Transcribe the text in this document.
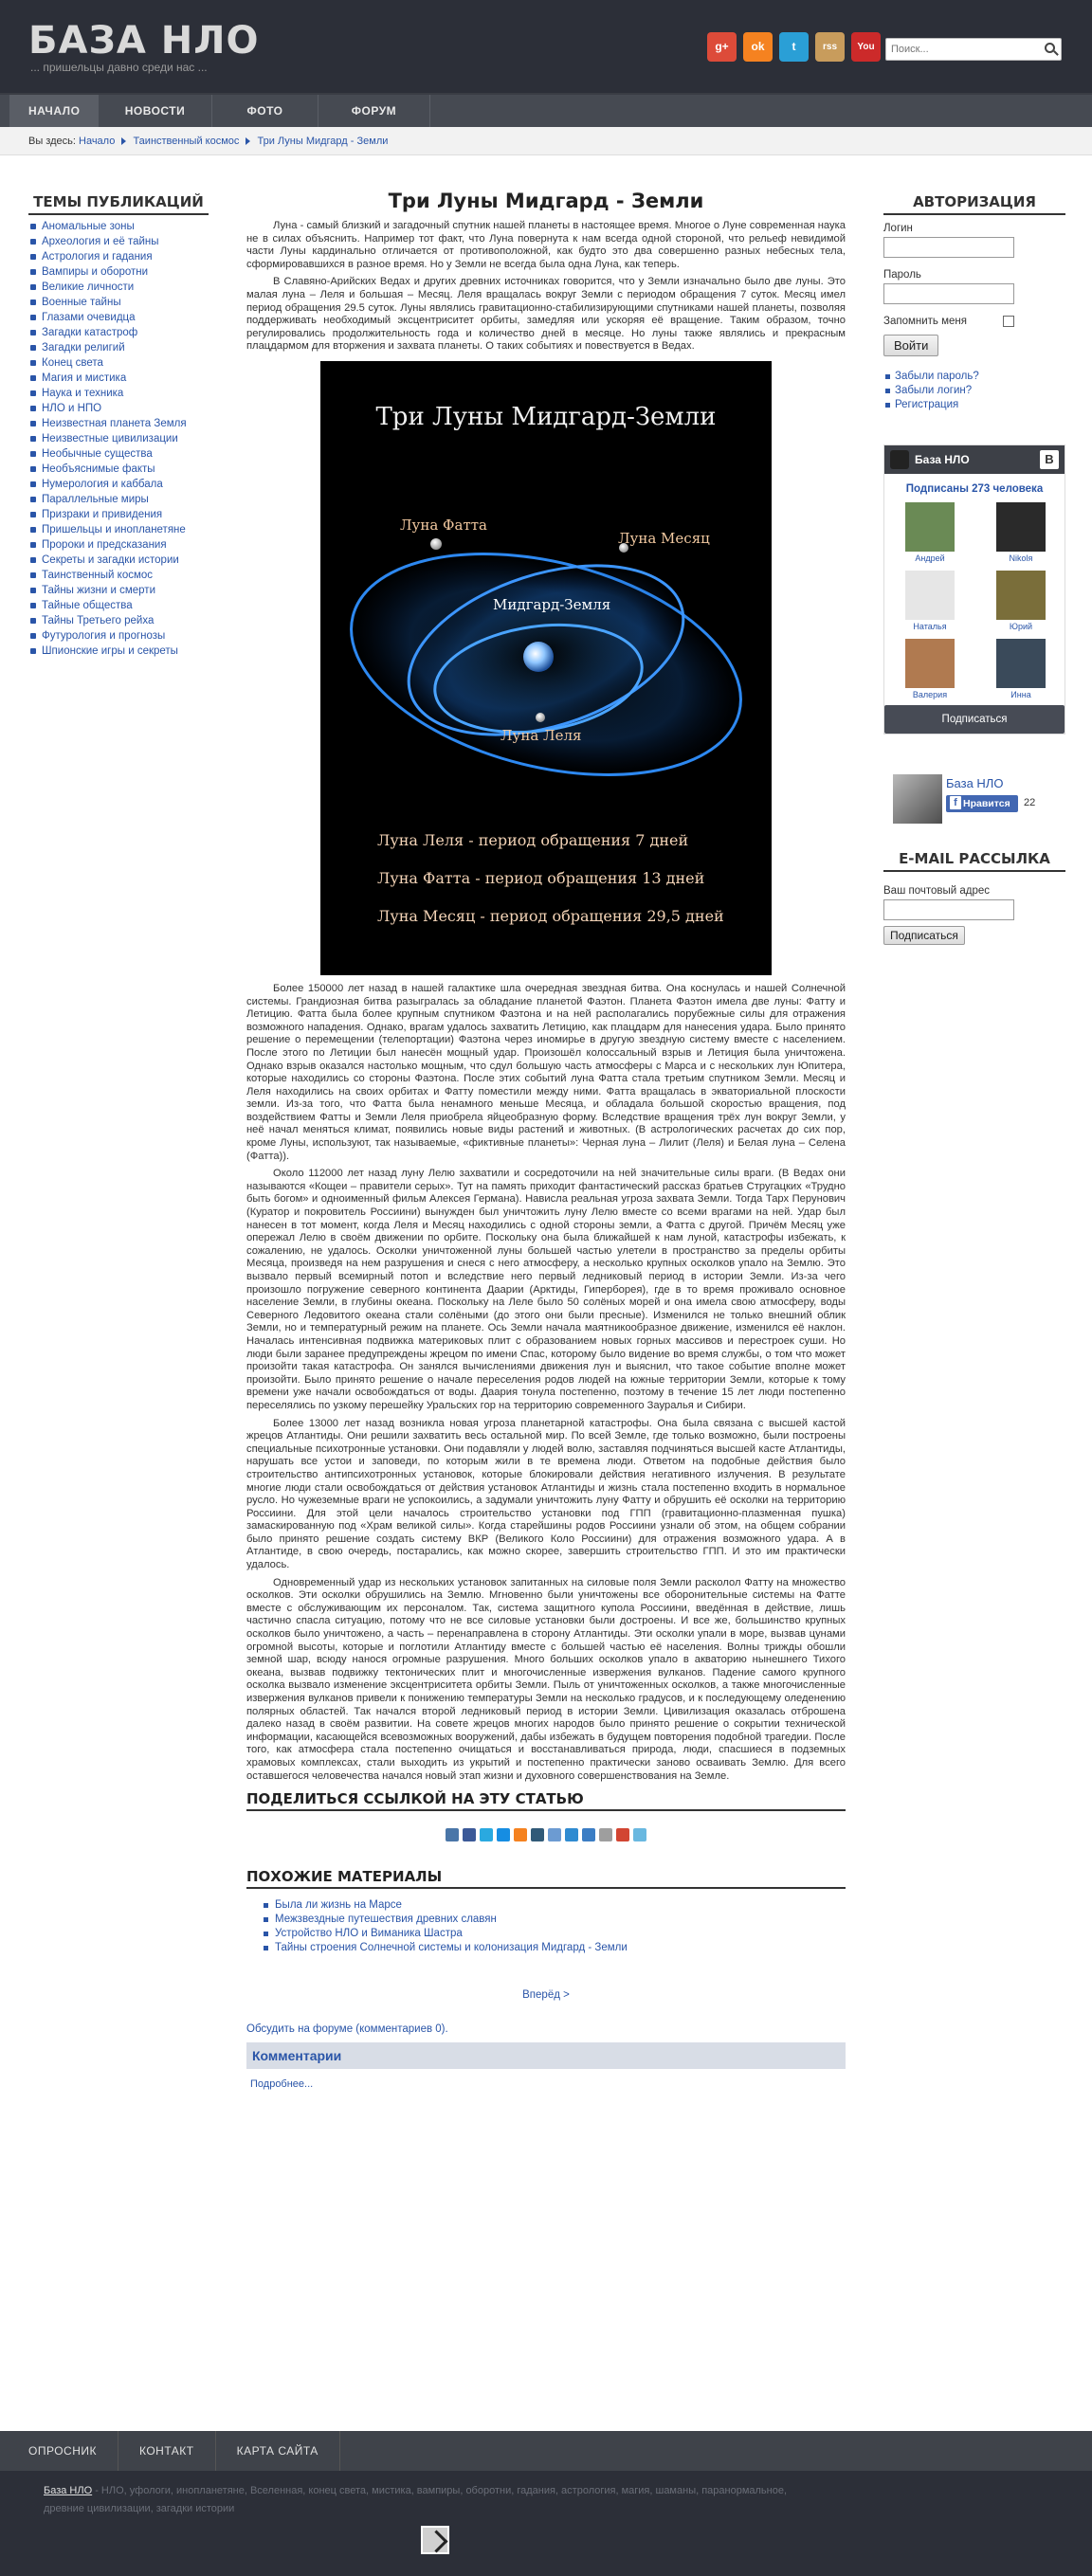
БАЗА НЛО
... пришельцы давно среди нас ...
g+	ok	t	rss	You
Поиск...
НАЧАЛО	НОВОСТИ	ФОТО	ФОРУМ
Вы здесь: Начало Таинственный космос Три Луны Мидгард - Земли
ТЕМЫ ПУБЛИКАЦИЙ
Аномальные зоны
Археология и её тайны
Астрология и гадания
Вампиры и оборотни
Великие личности
Военные тайны
Глазами очевидца
Загадки катастроф
Загадки религий
Конец света
Магия и мистика
Наука и техника
НЛО и НПО
Неизвестная планета Земля
Неизвестные цивилизации
Необычные существа
Необъяснимые факты
Нумерология и каббала
Параллельные миры
Призраки и привидения
Пришельцы и инопланетяне
Пророки и предсказания
Секреты и загадки истории
Таинственный космос
Тайны жизни и смерти
Тайные общества
Тайны Третьего рейха
Футурология и прогнозы
Шпионские игры и секреты
Три Луны Мидгард - Земли

Луна - самый близкий и загадочный спутник нашей планеты в настоящее время. Многое о Луне современная наука не в силах объяснить. Например тот факт, что Луна повернута к нам всегда одной стороной, что рельеф невидимой части Луны кардинально отличается от противоположной, как будто это два совершенно разных небесных тела, сформировавшихся в разное время. Но у Земли не всегда была одна Луна, как теперь.

В Славяно-Арийских Ведах и других древних источниках говорится, что у Земли изначально было две луны. Это малая луна – Леля и большая – Месяц. Леля вращалась вокруг Земли с периодом обращения 7 суток. Месяц имел период обращения 29.5 суток. Луны являлись гравитационно-стабилизирующими спутниками нашей планеты, позволяя поддерживать необходимый эксцентриситет орбиты, замедляя или ускоряя её вращение. Таким образом, точно регулировались продолжительность года и количество дней в месяце. Но луны также являлись и прекрасным плацдармом для вторжения и захвата планеты. О таких событиях и повествуется в Ведах.

Три Луны Мидгард-Земли
Луна Фатта
Луна Месяц
Мидгард-Земля
Луна Леля
Луна Леля - период обращения 7 дней
Луна Фатта - период обращения 13 дней
Луна Месяц - период обращения 29,5 дней

Более 150000 лет назад в нашей галактике шла очередная звездная битва. Она коснулась и нашей Солнечной системы. Грандиозная битва разыгралась за обладание планетой Фаэтон. Планета Фаэтон имела две луны: Фатту и Летицию. Фатта была более крупным спутником Фаэтона и на ней располагались порубежные силы для отражения возможного нападения. Однако, врагам удалось захватить Летицию, как плацдарм для нанесения удара. Было принято решение о перемещении (телепортации) Фаэтона через иномирье в другую звездную систему вместе с населением. После этого по Летиции был нанесён мощный удар. Произошёл колоссальный взрыв и Летиция была уничтожена. Однако взрыв оказался настолько мощным, что сдул большую часть атмосферы с Марса и с нескольких лун Юпитера, которые находились со стороны Фаэтона. После этих событий луна Фатта стала третьим спутником Земли. Месяц и Леля находились на своих орбитах и Фатту поместили между ними. Фатта вращалась в экваториальной плоскости земли. Из-за того, что Фатта была ненамного меньше Месяца, и обладала большой скоростью вращения, под воздействием Фатты и Земли Леля приобрела яйцеобразную форму. Вследствие вращения трёх лун вокруг Земли, у неё начал меняться климат, появились новые виды растений и животных. (В астрологических расчетах до сих пор, кроме Луны, используют, так называемые, «фиктивные планеты»: Черная луна – Лилит (Леля) и Белая луна – Селена (Фатта)).

Около 112000 лет назад луну Лелю захватили и сосредоточили на ней значительные силы враги. (В Ведах они называются «Кощеи – правители серых». Тут на память приходит фантастический рассказ братьев Стругацких «Трудно быть богом» и одноименный фильм Алексея Германа). Навислa реальная угроза захвата Земли. Тогда Тарх Перунович (Куратор и покровитель Россиини) вынужден был уничтожить луну Лелю вместе со всеми врагами на ней. Удар был нанесен в тот момент, когда Леля и Месяц находились с одной стороны земли, а Фатта с другой. Причём Месяц уже опережал Лелю в своём движении по орбите. Поскольку она была ближайшей к нам луной, катастрофы избежать, к сожалению, не удалось. Осколки уничтоженной луны большей частью улетели в пространство за пределы орбиты Месяца, произведя на нем разрушения и снеся с него атмосферу, а несколько крупных осколков упало на Землю. Это вызвало первый всемирный потоп и вследствие него первый ледниковый период в истории Земли. Из-за чего произошло погружение северного континента Даарии (Арктиды, Гиперборея), где в то время проживало основное население Земли, в глубины океана. Поскольку на Леле было 50 солёных морей и она имела свою атмосферу, воды Северного Ледовитого океана стали солёными (до этого они были пресные). Изменился не только внешний облик Земли, но и температурный режим на планете. Ось Земли начала маятникообразное движение, изменился её наклон. Началась интенсивная подвижка материковых плит с образованием новых горных массивов и перестроек суши. Но люди были заранее предупреждены жрецом по имени Спас, которому было видение во время службы, о том что может произойти такая катастрофа. Он занялся вычислениями движения лун и выяснил, что такое событие вполне может произойти. Было принято решение о начале переселения родов людей на южные территории Земли, которые к тому времени уже начали освобождаться от воды. Даария тонула постепенно, поэтому в течение 15 лет люди постепенно переселялись по узкому перешейку Уральских гор на территорию современного Зауралья и Сибири.

Более 13000 лет назад возникла новая угроза планетарной катастрофы. Она была связана с высшей кастой жрецов Атлантиды. Они решили захватить весь остальной мир. По всей Земле, где только возможно, были построены специальные психотронные установки. Они подавляли у людей волю, заставляя подчиняться высшей касте Атлантиды, нарушать все устои и заповеди, по которым жили в те времена люди. Ответом на подобные действия было строительство антипсихотронных установок, которые блокировали действия негативного излучения. В результате многие люди стали освобождаться от действия установок Атлантиды и жизнь стала постепенно входить в нормальное русло. Но чужеземные враги не успокоились, а задумали уничтожить луну Фатту и обрушить её осколки на территорию Россиини. Для этой цели началось строительство установки под ГПП (гравитационно-плазменная пушка) замаскированную под «Храм великой силы». Когда старейшины родов Россиини узнали об этом, на общем собрании было принято решение создать систему ВКР (Великого Коло Россиини) для отражения возможного удара. А в Атлантиде, в свою очередь, постарались, как можно скорее, завершить строительство ГПП. И это им практически удалось.

Одновременный удар из нескольких установок запитанных на силовые поля Земли расколол Фатту на множество осколков. Эти осколки обрушились на Землю. Мгновенно были уничтожены все оборонительные системы на Фатте вместе с обслуживающим их персоналом. Так, система защитного купола Россиини, введённая в действие, лишь частично спасла ситуацию, потому что не все силовые установки были достроены. И все же, большинство крупных осколков было уничтожено, а часть – перенаправлена в сторону Атлантиды. Эти осколки упали в море, вызвав цунами огромной высоты, которые и поглотили Атлантиду вместе с большей частью её населения. Волны трижды обошли земной шар, всюду нанося огромные разрушения. Много больших осколков упало в акваторию нынешнего Тихого океана, вызвав подвижку тектонических плит и многочисленные извержения вулканов. Падение самого крупного осколка вызвало изменение эксцентриситета орбиты Земли. Пыль от уничтоженных осколков, а также многочисленные извержения вулканов привели к понижению температуры Земли на несколько градусов, и к последующему оледенению полярных областей. Так начался второй ледниковый период в истории Земли. Цивилизация оказалась отброшена далеко назад в своём развитии. На совете жрецов многих народов было принято решение о сокрытии технической информации, касающейся всевозможных вооружений, дабы избежать в будущем повторения подобной трагедии. После того, как атмосфера стала постепенно очищаться и восстанавливаться природа, люди, спасшиеся в подземных храмовых комплексах, стали выходить из укрытий и постепенно практически заново осваивать Землю. Для всего оставшегося человечества начался новый этап жизни и духовного совершенствования на Земле.

ПОДЕЛИТЬСЯ ССЫЛКОЙ НА ЭТУ СТАТЬЮ
ПОХОЖИЕ МАТЕРИАЛЫ
Была ли жизнь на Марсе
Межзвездные путешествия древних славян
Устройство НЛО и Виманика Шастра
Тайны строения Солнечной системы и колонизация Мидгард - Земли
Вперёд >
Обсудить на форуме (комментариев 0).
Комментарии
Подробнее...
АВТОРИЗАЦИЯ
Логин
Пароль
Запомнить меня
Войти
Забыли пароль?
Забыли логин?
Регистрация
База НЛО	В
Подписаны 273 человека
Андрей	Nikolя
Наталья	Юрий
Валерия	Инна
Подписаться
База НЛО
f Нравится	22
E-MAIL РАССЫЛКА
Ваш почтовый адрес
Подписаться
ОПРОСНИК	КОНТАКТ	КАРТА САЙТА
База НЛО - НЛО, уфологи, инопланетяне, Вселенная, конец света, мистика, вампиры, оборотни, гадания, астрология, магия, шаманы, паранормальное, древние цивилизации, загадки истории
